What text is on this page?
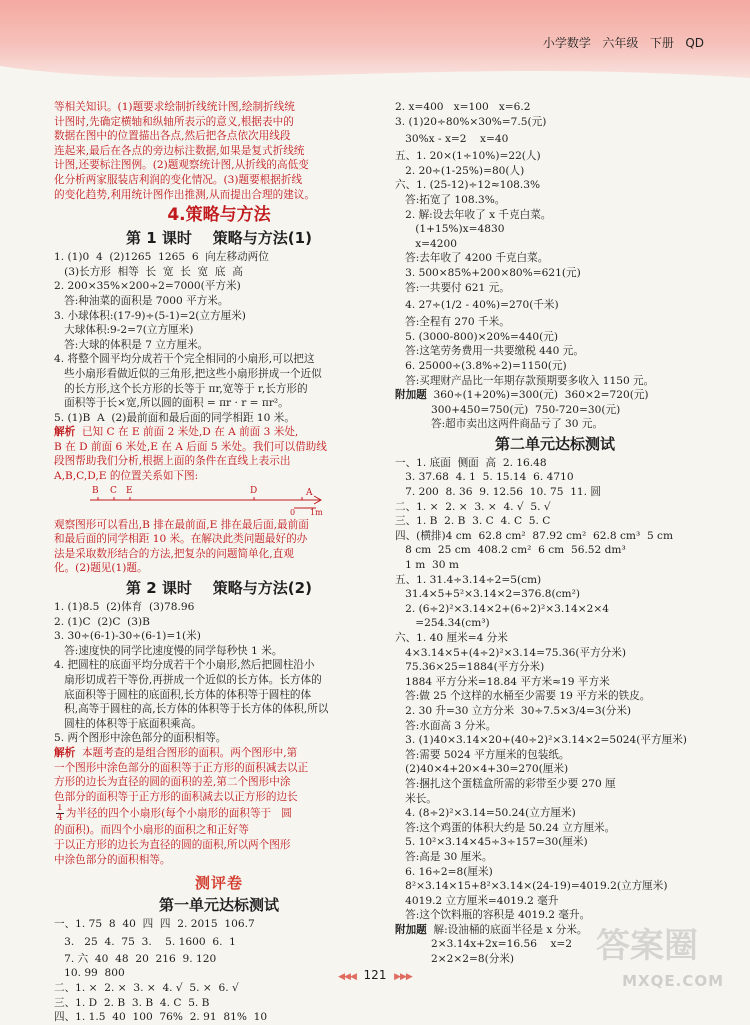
小学数学 六年级 下册 QD
等相关知识。(1)题要求绘制折线统计图,绘制折线统
计图时,先确定横轴和纵轴所表示的意义,根据表中的
数据在图中的位置描出各点,然后把各点依次用线段
连起来,最后在各点的旁边标注数据,如果是复式折线统
计图,还要标注图例。(2)题观察统计图,从折线的高低变
化分析两家服装店利润的变化情况。(3)题要根据折线
的变化趋势,利用统计图作出推测,从而提出合理的建议。
4.策略与方法
第 1 课时    策略与方法(1)
1. (1)0  4  (2)1265  1265  6  向左移动两位
(3)长方形  相等  长  宽  长  宽  底  高
2. 200×35%×200÷2=7000(平方米)
答:种油菜的面积是 7000 平方米。
3. 小球体积:(17-9)÷(5-1)=2(立方厘米)
大球体积:9-2=7(立方厘米)
答:大球的体积是 7 立方厘米。
4. 将整个圆平均分成若干个完全相同的小扇形,可以把这
些小扇形看做近似的三角形,把这些小扇形拼成一个近似
的长方形,这个长方形的长等于 πr,宽等于 r,长方形的
面积等于长×宽,所以圆的面积 = πr · r = πr²。
5. (1)B  A  (2)最前面和最后面的同学相距 10 米。
解析 已知 C 在 E 前面 2 米处,D 在 A 前面 3 米处,
B 在 D 前面 6 米处,E 在 A 后面 5 米处。我们可以借助线
段图帮助我们分析,根据上面的条件在直线上表示出
A,B,C,D,E 的位置关系如下图:
B C E	D	A
0 1m
观察图形可以看出,B 排在最前面,E 排在最后面,最前面
和最后面的同学相距 10 米。在解决此类问题最好的办
法是采取数形结合的方法,把复杂的问题简单化,直观
化。(2)题见(1)题。
第 2 课时    策略与方法(2)
1. (1)8.5  (2)体育  (3)78.96
2. (1)C  (2)C  (3)B
3. 30÷(6-1)-30÷(6-1)=1(米)
答:速度快的同学比速度慢的同学每秒快 1 米。
4. 把圆柱的底面平均分成若干个小扇形,然后把圆柱沿小
扇形切成若干等份,再拼成一个近似的长方体。长方体的
底面积等于圆柱的底面积,长方体的体积等于圆柱的体
积,高等于圆柱的高,长方体的体积等于长方体的体积,所以
圆柱的体积等于底面积乘高。
5. 两个图形中涂色部分的面积相等。
解析 本题考查的是组合图形的面积。两个图形中,第
一个图形中涂色部分的面积等于正方形的面积减去以正
方形的边长为直径的圆的面积的差,第二个图形中涂
色部分的面积等于正方形的面积减去以正方形的边长
$\frac{1}{4}$ 为半径的四个小扇形(每个小扇形的面积等于   圆
的面积)。而四个小扇形的面积之和正好等
于以正方形的边长为直径的圆的面积,所以两个图形
中涂色部分的面积相等。
测评卷
第一单元达标测试
一、1. 75  8  40  四  四  2. 2015  106.7
3.   25  4.  75  3.    5. 1600  6.  1
7. 六  40  48  20  216  9. 120
10. 99  800
二、1. ×  2. ×  3. ×  4. √  5. ×  6. √
三、1. D  2. B  3. B  4. C  5. B
四、1. 1.5  40  100  76%  2. 91  81%  10
2. x=400   x=100   x=6.2
3. (1)20÷80%×30%=7.5(元)
30%x - x=2    x=40
五、1. 20×(1÷10%)=22(人)
2. 20÷(1-25%)=80(人)
六、1. (25-12)÷12≈108.3%
答:拓宽了 108.3%。
2. 解:设去年收了 x 千克白菜。
(1+15%)x=4830
x=4200
答:去年收了 4200 千克白菜。
3. 500×85%+200×80%=621(元)
答:一共要付 621 元。
4. 27÷(1/2 - 40%)=270(千米)
答:全程有 270 千米。
5. (3000-800)×20%=440(元)
答:这笔劳务费用一共要缴税 440 元。
6. 25000÷(3.8%÷2)=1150(元)
答:买理财产品比一年期存款预期要多收入 1150 元。
附加题 360÷(1+20%)=300(元) 360×2=720(元)
300+450=750(元)  750-720=30(元)
答:超市卖出这两件商品亏了 30 元。
第二单元达标测试
一、1. 底面  侧面  高  2. 16.48
3. 37.68  4. 1  5. 15.14  6. 4710
7. 200  8. 36  9. 12.56  10. 75  11. 圆
二、1. ×  2. ×  3. ×  4. √  5. √
三、1. B  2. B  3. C  4. C  5. C
四、(横排)4 cm  62.8 cm²  87.92 cm²  62.8 cm³  5 cm
8 cm  25 cm  408.2 cm²  6 cm  56.52 dm³
1 m  30 m
五、1. 31.4÷3.14÷2=5(cm)
31.4×5+5²×3.14×2=376.8(cm²)
2. (6÷2)²×3.14×2+(6÷2)²×3.14×2×4
=254.34(cm³)
六、1. 40 厘米=4 分米
4×3.14×5+(4÷2)²×3.14=75.36(平方分米)
75.36×25=1884(平方分米)
1884 平方分米=18.84 平方米≈19 平方米
答:做 25 个这样的水桶至少需要 19 平方米的铁皮。
2. 30 升=30 立方分米  30÷7.5×3/4=3(分米)
答:水面高 3 分米。
3. (1)40×3.14×20+(40÷2)²×3.14×2=5024(平方厘米)
答:需要 5024 平方厘米的包装纸。
(2)40×4+20×4+30=270(厘米)
答:捆扎这个蛋糕盒所需的彩带至少要 270 厘
米长。
4. (8÷2)²×3.14=50.24(立方厘米)
答:这个鸡蛋的体积大约是 50.24 立方厘米。
5. 10²×3.14×45÷3÷157=30(厘米)
答:高是 30 厘米。
6. 16÷2=8(厘米)
8²×3.14×15+8²×3.14×(24-19)=4019.2(立方厘米)
4019.2 立方厘米=4019.2 毫升
答:这个饮料瓶的容积是 4019.2 毫升。
附加题 解:设油桶的底面半径是 x 分米。
2×3.14x+2x=16.56    x=2
2×2×2=8(分米)	答案圈
MXQE.COM
◀◀◀ 121 ▶▶▶
